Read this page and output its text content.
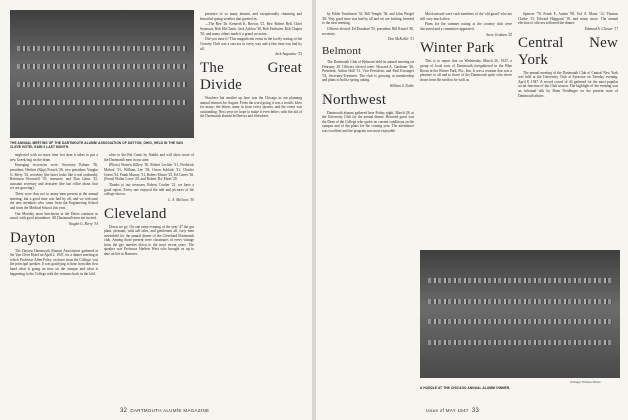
THE ANNUAL MEETING OF THE DARTMOUTH ALUMNI ASSOCIATION OF DAYTON, OHIO, HELD IN THE VAN CLEVE HOTEL EARLY LAST MONTH.

neglected with no more time lost than it takes to put a new Greek bug on the drum.

Emerging victorious were: Secretary Palmer '36, president; Herbert (Skip) French '36, vice president; Vaughn G. Berry '34, secretary (the latter looks like a real outbreak); Robinson Brownell '35, treasurer; and Dan Gaius '35, assistant secretary and treasurer (the last office about four we are growing).

There were thus not so many men present at the annual meeting, but a good time was had by all, and we welcome the new members who came from the Engineering School and from the Medical School this year.

Our Monday noon luncheons at the Dawn continue as usual, with good attendance. All Dartmouth men are invited.

Vaughn G. Berry '34

Dayton

The Dayton Dartmouth Alumni Association gathered at the Van Cleve Hotel on April 2, 1947, for a dinner meeting at which Professor Allen Foley, on leave from the College, was the principal speaker. It was gratifying to hear from him first hand what is going on now on the campus and what is happening to the College with the veterans back in the fold.

alive to the Bel Canto by Stubbs and will show more of the Dartmouth men in our area:

(Photo) Warren Kilbey '30, Robert Lechler '31, Frederick Maloof '31, William Lee '38, Orton Schlarb '31, Charles Green '34, Frank Murray '31, Robert Moore '25, Ed Carter '38, (Front) Walter Lowe '20, and Robert 'Bo' Ehret '29.

Thanks to our treasurer, Robert Coulter '21, we have a good report. Every one enjoyed the talk and pictures of the college shown.

L. A. McGraw '30

Cleveland

Down we go. On one rainy evening of the year '47 the gas plant, pleasant, with tall tales, and gentlemen all, forty men assembled for the annual dinner of the Cleveland Dartmouth club. Among those present were classmates of every vintage from the gay nineties down to the most recent years. The speaker was Professor Herbert West who brought us up to date on life in Hanover.

presence of so many alumni, and exceptionally charming and beautiful spring weather that greeted us.

—The Rev. Dr. Kenneth K. Brown, '21, Rev. Robert Bell, Chief Seymour, Bob McClintic, Jack Ashton '38, Bob Fairbairn, Bob Chapin '30, and many others made it a grand occasion.

Did you miss it? This magnificent event in the lovely setting of the Country Club was a success in every way and a fine time was had by all.

Jack Augustine '35

The Great Divide

Nowhere but another up here was the Chicago in our planning annual reunion for August. From the word going it was a terrific blow for many; the letters came in from every quarter, and the event was outstanding. Next year we hope to make it even better, with the aid of the Dartmouth alumni in Denver and elsewhere.

32 DARTMOUTH ALUMNI MAGAZINE

by Eddie Tomlinson '32, Bill Temple '36, and John Weigel '46. Very good time was had by all and we are looking forward to the next meeting.

Officers elected: Ed Donahue '35, president; Bill Russel '40, secretary.

Don McKellar '31

Belmont

The Dartmouth Club of Belmont held its annual meeting on February 28. Officers elected were: Howard A. Gardener '28, President; Arthur Hall '31, Vice President; and Paul Kissinger '34, Secretary-Treasurer. The club is growing in membership and plans to hold a spring outing.

William S. Noble

Northwest

Dartmouth alumni gathered here Friday night, March 28, at the University Club for the annual dinner. Honored guest was the Dean of the College who spoke on current conditions on the campus and of the plans for the coming year. The attendance was excellent and the program was most enjoyable.

Much missed were such members of the 'old guard' who are still very much alive.

Plans for the summer outing at the country club were discussed and a committee appointed.

Steve Graham '25

Winter Park

This is to report that on Wednesday, March 26, 1947, a group of local sons of Dartmouth foregathered in the Blue Room at the Winter Park, Fla., Inn. It was a reunion that was a pleasure to all and to those of the Dartmouth spirit who drove down from the north to be with us.

Spencer '76, Frank E. Austin '98, Ted A. Martz '12, Thomas Clarke '15, Edward Hapgood '18, and many more. The annual election of officers followed the dinner.

Edmund A. Chester '17

Central New York

The annual meeting of the Dartmouth Club of Central New York was held at the University Club at Syracuse on Tuesday evening, April 8, 1947. A record crowd of 44 gathered for the most popular social function of the Club season. The highlight of the evening was an informal talk by Dean Neidlinger on the present state of Dartmouth affairs.

Chicago Tribune Photo
A HUDDLE AT THE CHICAGO ANNUAL ALUMNI DINNER.
Issue of MAY 1947 33
